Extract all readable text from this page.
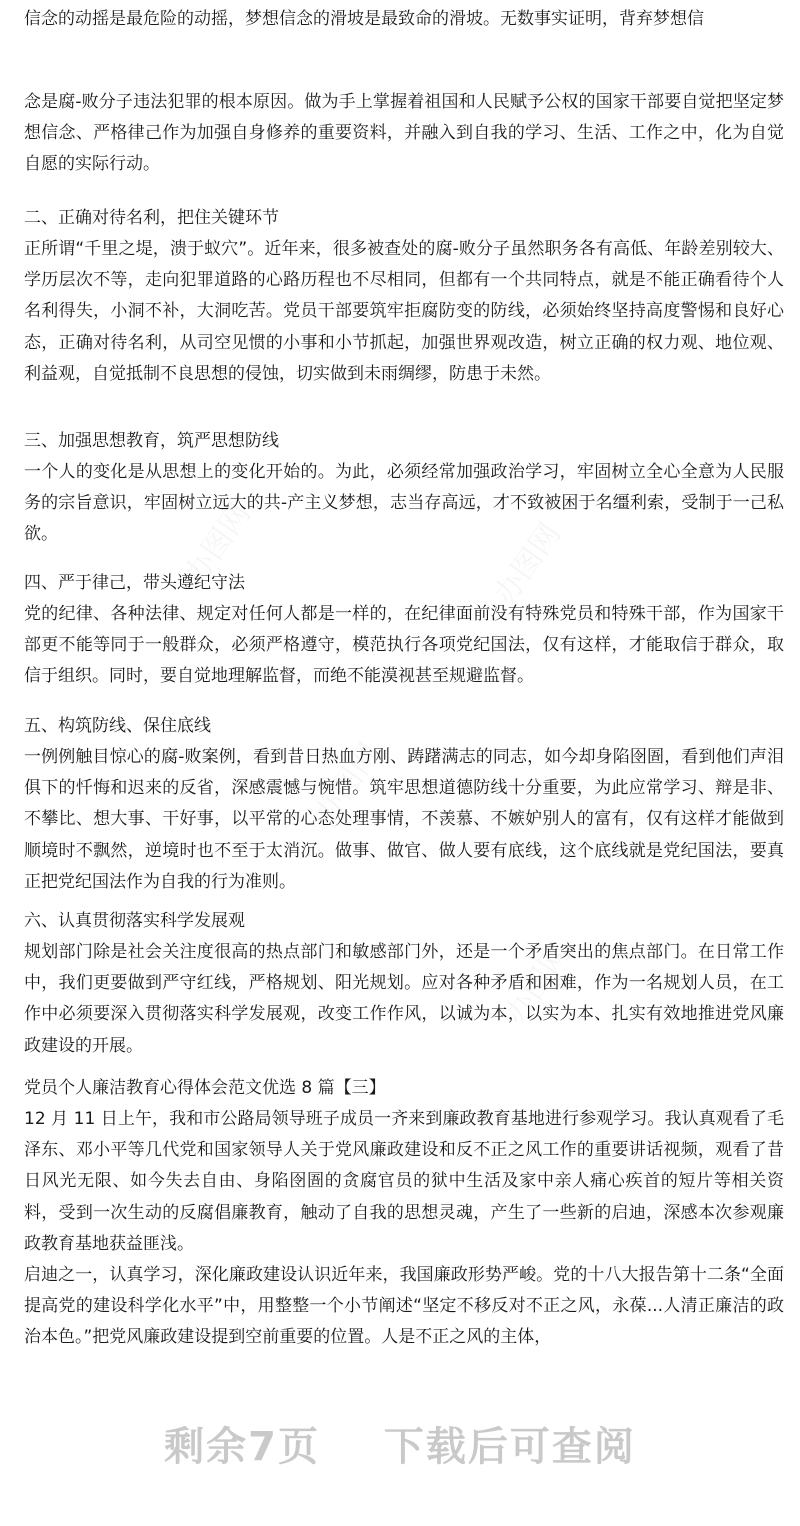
信念的动摇是最危险的动摇，梦想信念的滑坡是最致命的滑坡。无数事实证明，背弃梦想信

念是腐-败分子违法犯罪的根本原因。做为手上掌握着祖国和人民赋予公权的国家干部要自觉把坚定梦想信念、严格律己作为加强自身修养的重要资料，并融入到自我的学习、生活、工作之中，化为自觉自愿的实际行动。

二、正确对待名利，把住关键环节

正所谓“千里之堤，溃于蚁穴”。近年来，很多被查处的腐-败分子虽然职务各有高低、年龄差别较大、学历层次不等，走向犯罪道路的心路历程也不尽相同，但都有一个共同特点，就是不能正确看待个人名利得失，小洞不补，大洞吃苦。党员干部要筑牢拒腐防变的防线，必须始终坚持高度警惕和良好心态，正确对待名利，从司空见惯的小事和小节抓起，加强世界观改造，树立正确的权力观、地位观、利益观，自觉抵制不良思想的侵蚀，切实做到未雨绸缪，防患于未然。

三、加强思想教育，筑严思想防线

一个人的变化是从思想上的变化开始的。为此，必须经常加强政治学习，牢固树立全心全意为人民服务的宗旨意识，牢固树立远大的共-产主义梦想，志当存高远，才不致被困于名缰利索，受制于一己私欲。

四、严于律己，带头遵纪守法

党的纪律、各种法律、规定对任何人都是一样的，在纪律面前没有特殊党员和特殊干部，作为国家干部更不能等同于一般群众，必须严格遵守，模范执行各项党纪国法，仅有这样，才能取信于群众，取信于组织。同时，要自觉地理解监督，而绝不能漠视甚至规避监督。

五、构筑防线、保住底线

一例例触目惊心的腐-败案例，看到昔日热血方刚、踌躇满志的同志，如今却身陷囹圄，看到他们声泪俱下的忏悔和迟来的反省，深感震憾与惋惜。筑牢思想道德防线十分重要，为此应常学习、辩是非、不攀比、想大事、干好事，以平常的心态处理事情，不羡慕、不嫉妒别人的富有，仅有这样才能做到顺境时不飘然，逆境时也不至于太消沉。做事、做官、做人要有底线，这个底线就是党纪国法，要真正把党纪国法作为自我的行为准则。

六、认真贯彻落实科学发展观

规划部门除是社会关注度很高的热点部门和敏感部门外，还是一个矛盾突出的焦点部门。在日常工作中，我们更要做到严守红线，严格规划、阳光规划。应对各种矛盾和困难，作为一名规划人员，在工作中必须要深入贯彻落实科学发展观，改变工作作风，以诚为本，以实为本、扎实有效地推进党风廉政建设的开展。

党员个人廉洁教育心得体会范文优选 8 篇【三】

12 月 11 日上午，我和市公路局领导班子成员一齐来到廉政教育基地进行参观学习。我认真观看了毛泽东、邓小平等几代党和国家领导人关于党风廉政建设和反不正之风工作的重要讲话视频，观看了昔日风光无限、如今失去自由、身陷囹圄的贪腐官员的狱中生活及家中亲人痛心疾首的短片等相关资料，受到一次生动的反腐倡廉教育，触动了自我的思想灵魂，产生了一些新的启迪，深感本次参观廉政教育基地获益匪浅。

启迪之一，认真学习，深化廉政建设认识近年来，我国廉政形势严峻。党的十八大报告第十二条“全面提高党的建设科学化水平”中，用整整一个小节阐述“坚定不移反对不正之风，永葆...人清正廉洁的政治本色。”把党风廉政建设提到空前重要的位置。人是不正之风的主体，

剩余7页 下载后可查阅
